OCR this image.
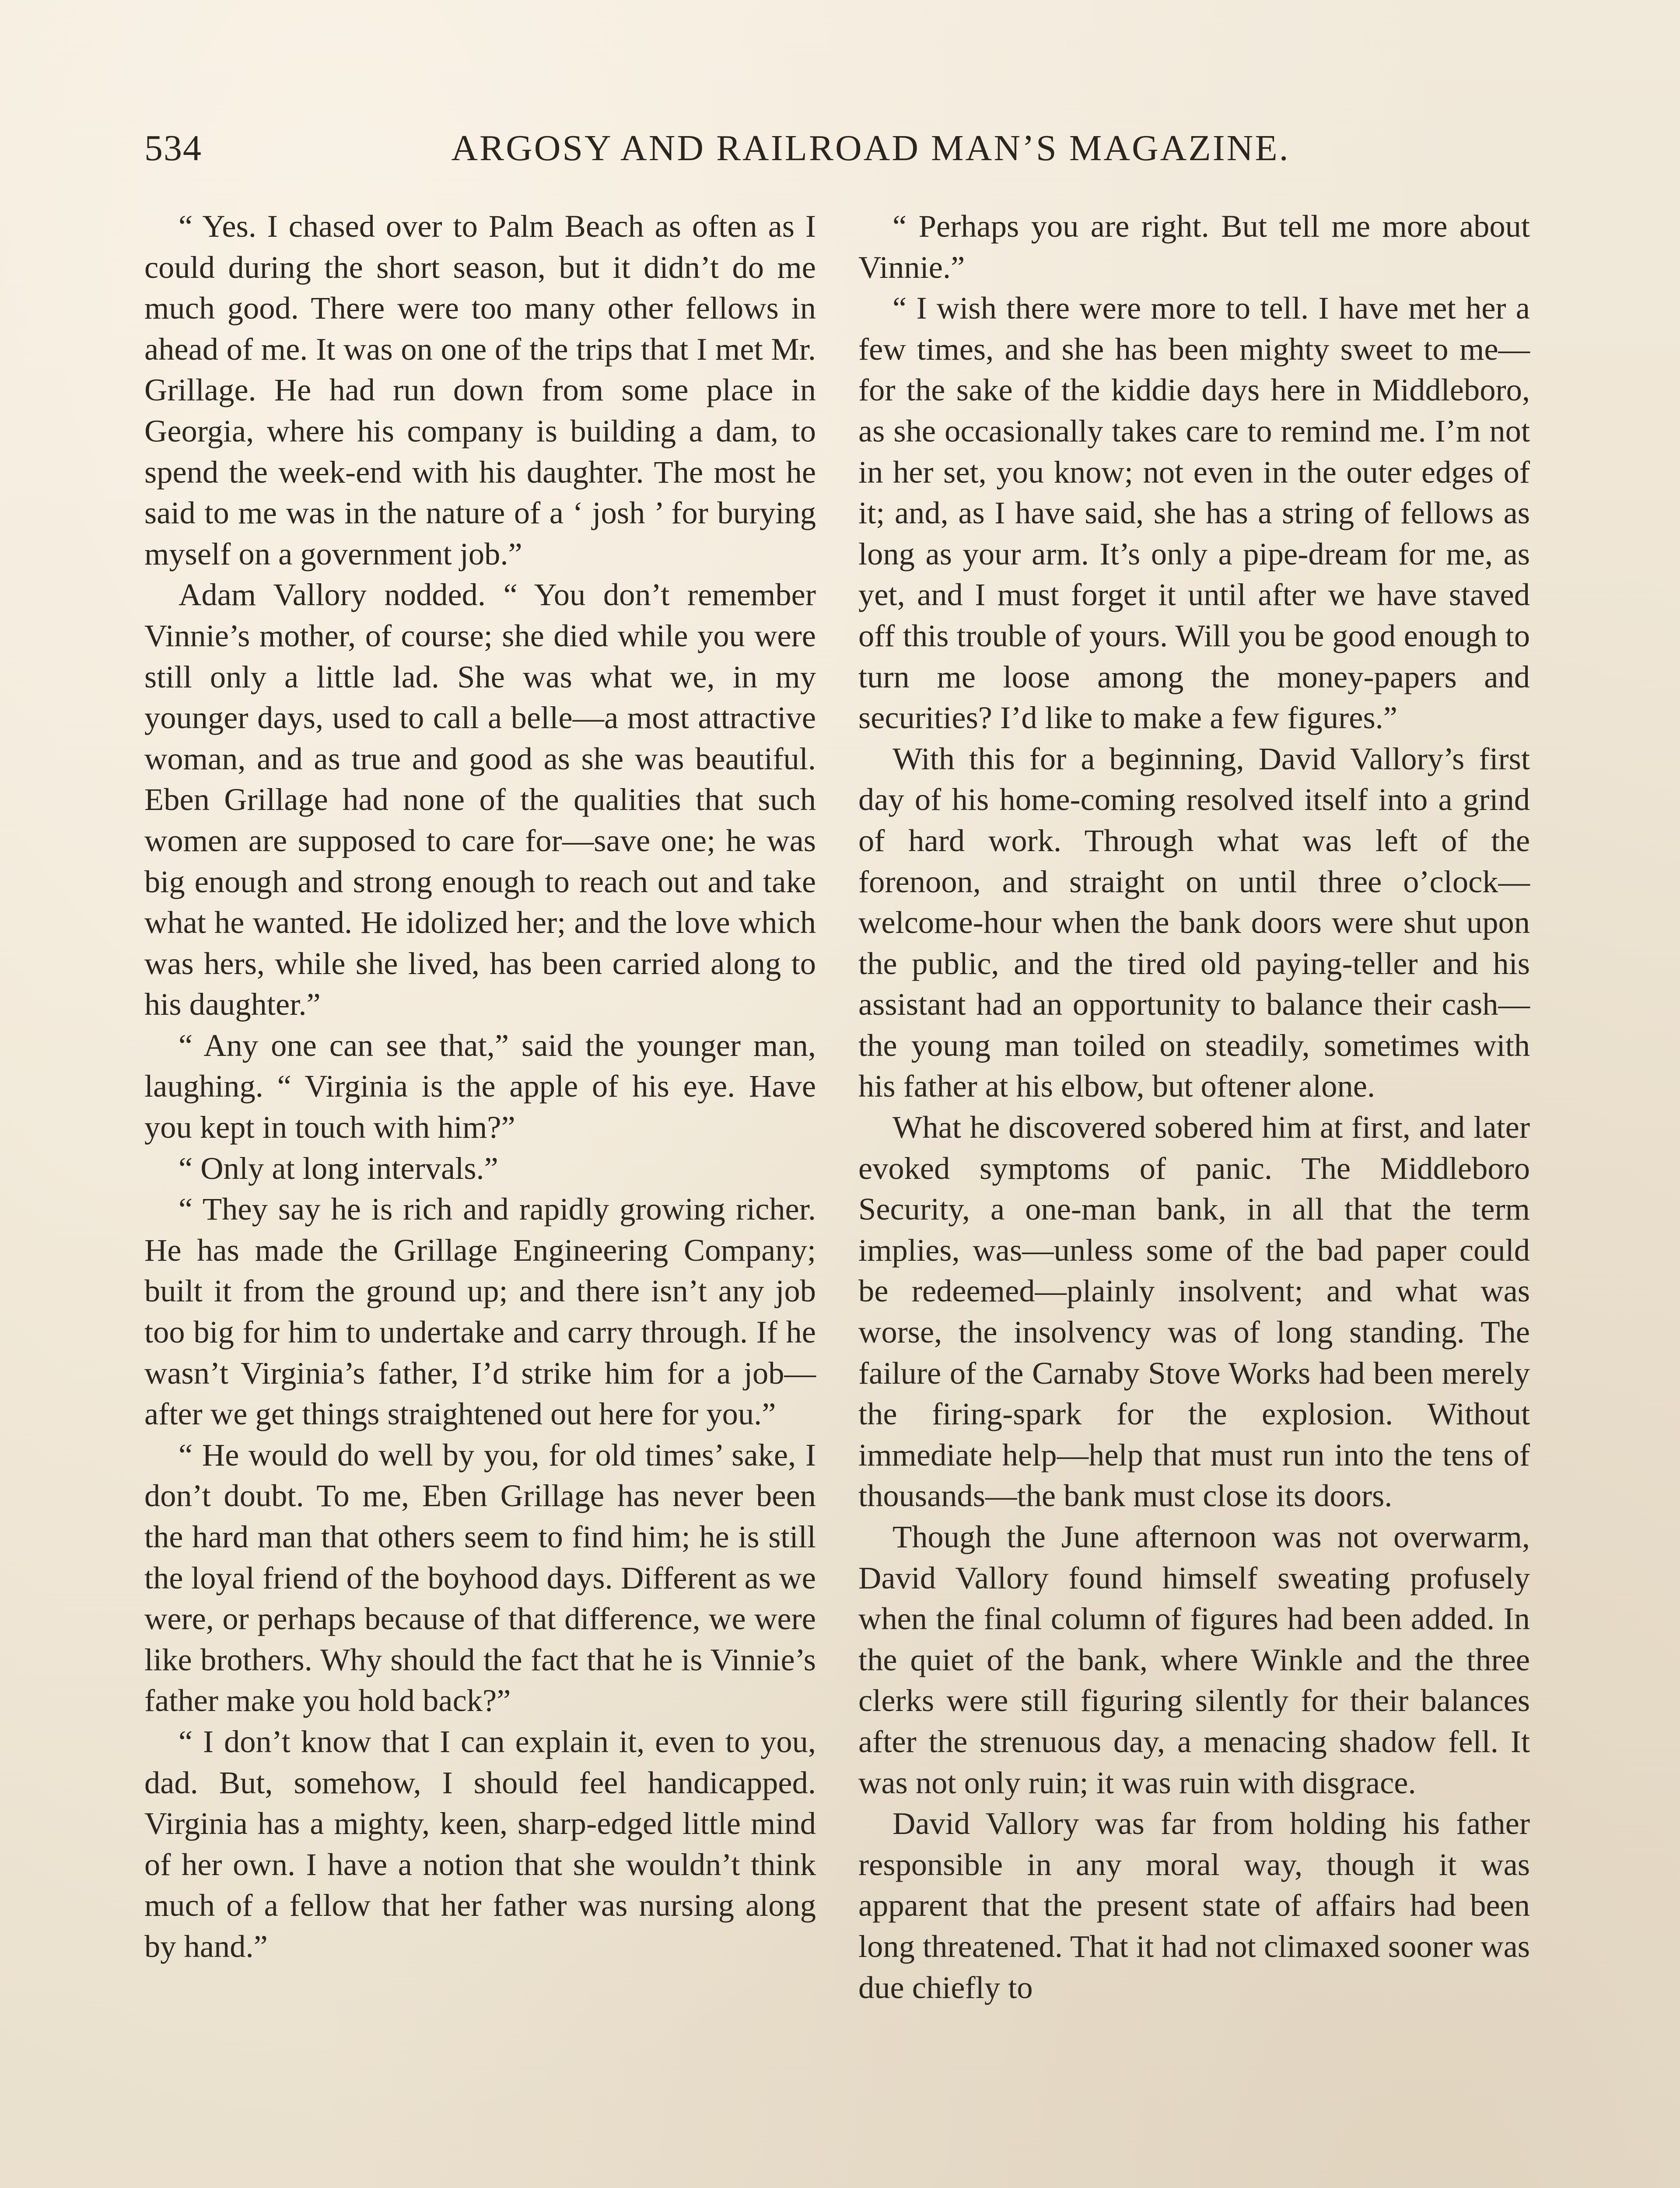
534	ARGOSY AND RAILROAD MAN’S MAGAZINE.

“ Yes. I chased over to Palm Beach as often as I could during the short season, but it didn’t do me much good. There were too many other fellows in ahead of me. It was on one of the trips that I met Mr. Grillage. He had run down from some place in Georgia, where his company is building a dam, to spend the week-end with his daughter. The most he said to me was in the nature of a ‘ josh ’ for burying myself on a government job.”

Adam Vallory nodded. “ You don’t remember Vinnie’s mother, of course; she died while you were still only a little lad. She was what we, in my younger days, used to call a belle—a most attractive woman, and as true and good as she was beautiful. Eben Grillage had none of the qualities that such women are supposed to care for—save one; he was big enough and strong enough to reach out and take what he wanted. He idolized her; and the love which was hers, while she lived, has been carried along to his daughter.”

“ Any one can see that,” said the younger man, laughing. “ Virginia is the apple of his eye. Have you kept in touch with him?”

“ Only at long intervals.”

“ They say he is rich and rapidly growing richer. He has made the Grillage Engineering Company; built it from the ground up; and there isn’t any job too big for him to undertake and carry through. If he wasn’t Virginia’s father, I’d strike him for a job—after we get things straightened out here for you.”

“ He would do well by you, for old times’ sake, I don’t doubt. To me, Eben Grillage has never been the hard man that others seem to find him; he is still the loyal friend of the boyhood days. Different as we were, or perhaps because of that difference, we were like brothers. Why should the fact that he is Vinnie’s father make you hold back?”

“ I don’t know that I can explain it, even to you, dad. But, somehow, I should feel handicapped. Virginia has a mighty, keen, sharp-edged little mind of her own. I have a notion that she wouldn’t think much of a fellow that her father was nursing along by hand.”

“ Perhaps you are right. But tell me more about Vinnie.”

“ I wish there were more to tell. I have met her a few times, and she has been mighty sweet to me—for the sake of the kiddie days here in Middleboro, as she occasionally takes care to remind me. I’m not in her set, you know; not even in the outer edges of it; and, as I have said, she has a string of fellows as long as your arm. It’s only a pipe-dream for me, as yet, and I must forget it until after we have staved off this trouble of yours. Will you be good enough to turn me loose among the money-papers and securities? I’d like to make a few figures.”

With this for a beginning, David Vallory’s first day of his home-coming resolved itself into a grind of hard work. Through what was left of the forenoon, and straight on until three o’clock—welcome-hour when the bank doors were shut upon the public, and the tired old paying-teller and his assistant had an opportunity to balance their cash—the young man toiled on steadily, sometimes with his father at his elbow, but oftener alone.

What he discovered sobered him at first, and later evoked symptoms of panic. The Middleboro Security, a one-man bank, in all that the term implies, was—unless some of the bad paper could be redeemed—plainly insolvent; and what was worse, the insolvency was of long standing. The failure of the Carnaby Stove Works had been merely the firing-spark for the explosion. Without immediate help—help that must run into the tens of thousands—the bank must close its doors.

Though the June afternoon was not overwarm, David Vallory found himself sweating profusely when the final column of figures had been added. In the quiet of the bank, where Winkle and the three clerks were still figuring silently for their balances after the strenuous day, a menacing shadow fell. It was not only ruin; it was ruin with disgrace.

David Vallory was far from holding his father responsible in any moral way, though it was apparent that the present state of affairs had been long threatened. That it had not climaxed sooner was due chiefly to
